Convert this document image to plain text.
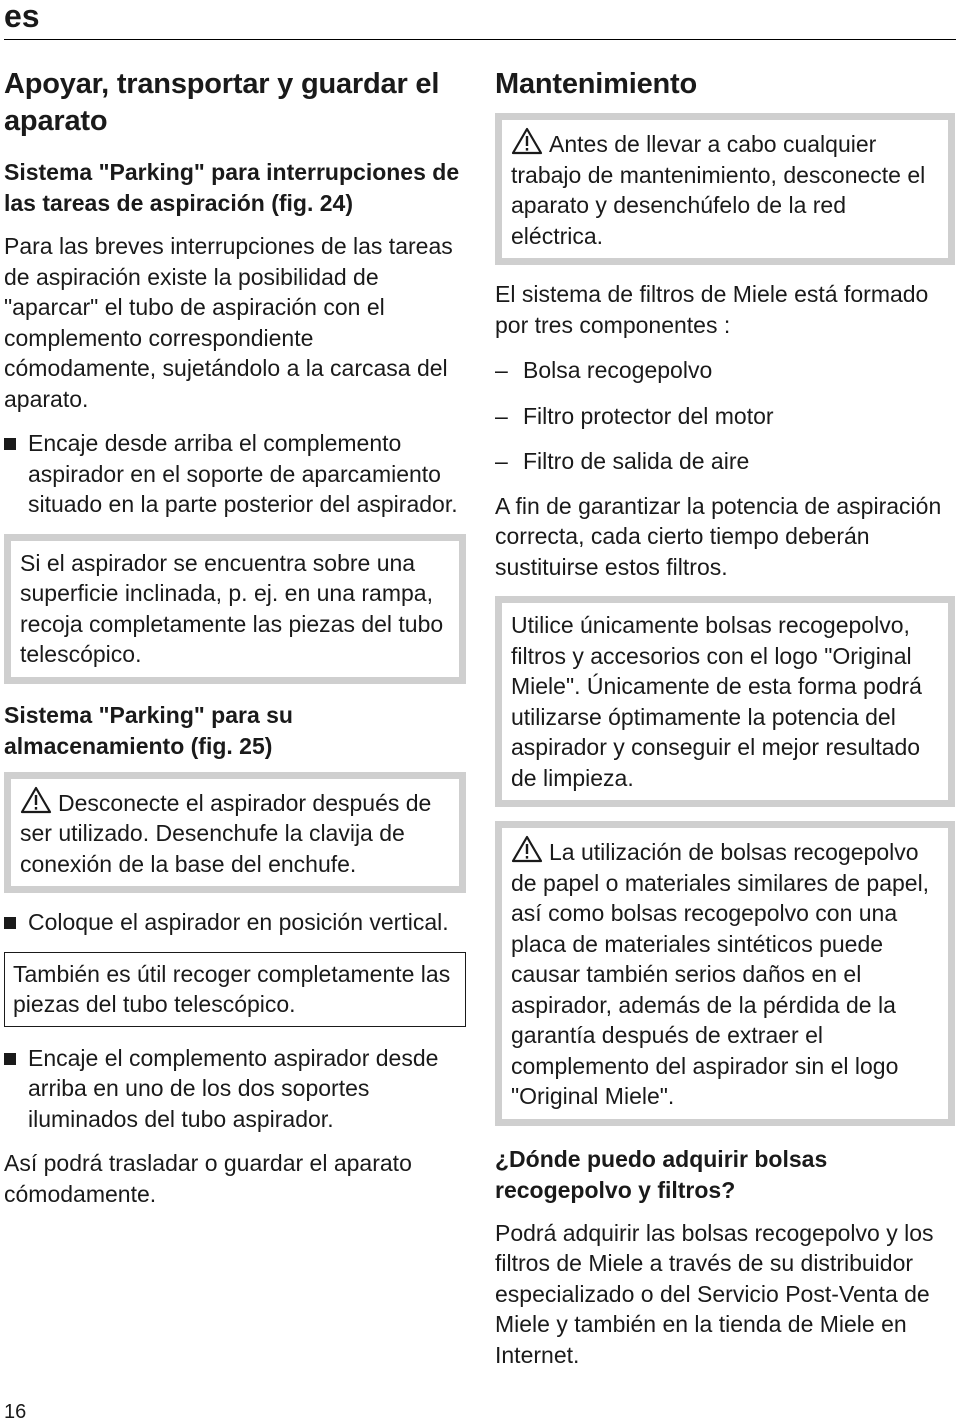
es
Apoyar, transportar y guardar el aparato
Sistema "Parking" para interrupciones de las tareas de aspiración (fig. 24)

Para las breves interrupciones de las tareas de aspiración existe la posibilidad de "aparcar" el tubo de aspiración con el complemento correspondiente cómodamente, sujetándolo a la carcasa del aparato.

Encaje desde arriba el complemento aspirador en el soporte de aparcamiento situado en la parte posterior del aspirador.

Si el aspirador se encuentra sobre una superficie inclinada, p. ej. en una rampa, recoja completamente las piezas del tubo telescópico.

Sistema "Parking" para su almacenamiento (fig. 25)

Desconecte el aspirador después de ser utilizado. Desenchufe la clavija de conexión de la base del enchufe.

Coloque el aspirador en posición vertical.

También es útil recoger completamente las piezas del tubo telescópico.

Encaje el complemento aspirador desde arriba en uno de los dos soportes iluminados del tubo aspirador.

Así podrá trasladar o guardar el aparato cómodamente.

Mantenimiento

Antes de llevar a cabo cualquier trabajo de mantenimiento, desconecte el aparato y desenchúfelo de la red eléctrica.

El sistema de filtros de Miele está formado por tres componentes :

– Bolsa recogepolvo
– Filtro protector del motor
– Filtro de salida de aire

A fin de garantizar la potencia de aspiración correcta, cada cierto tiempo deberán sustituirse estos filtros.

Utilice únicamente bolsas recogepolvo, filtros y accesorios con el logo "Original Miele". Únicamente de esta forma podrá utilizarse óptimamente la potencia del aspirador y conseguir el mejor resultado de limpieza.

La utilización de bolsas recogepolvo de papel o materiales similares de papel, así como bolsas recogepolvo con una placa de materiales sintéticos puede causar también serios daños en el aspirador, además de la pérdida de la garantía después de extraer el complemento del aspirador sin el logo "Original Miele".

¿Dónde puedo adquirir bolsas recogepolvo y filtros?

Podrá adquirir las bolsas recogepolvo y los filtros de Miele a través de su distribuidor especializado o del Servicio Post-Venta de Miele y también en la tienda de Miele en Internet.

16
